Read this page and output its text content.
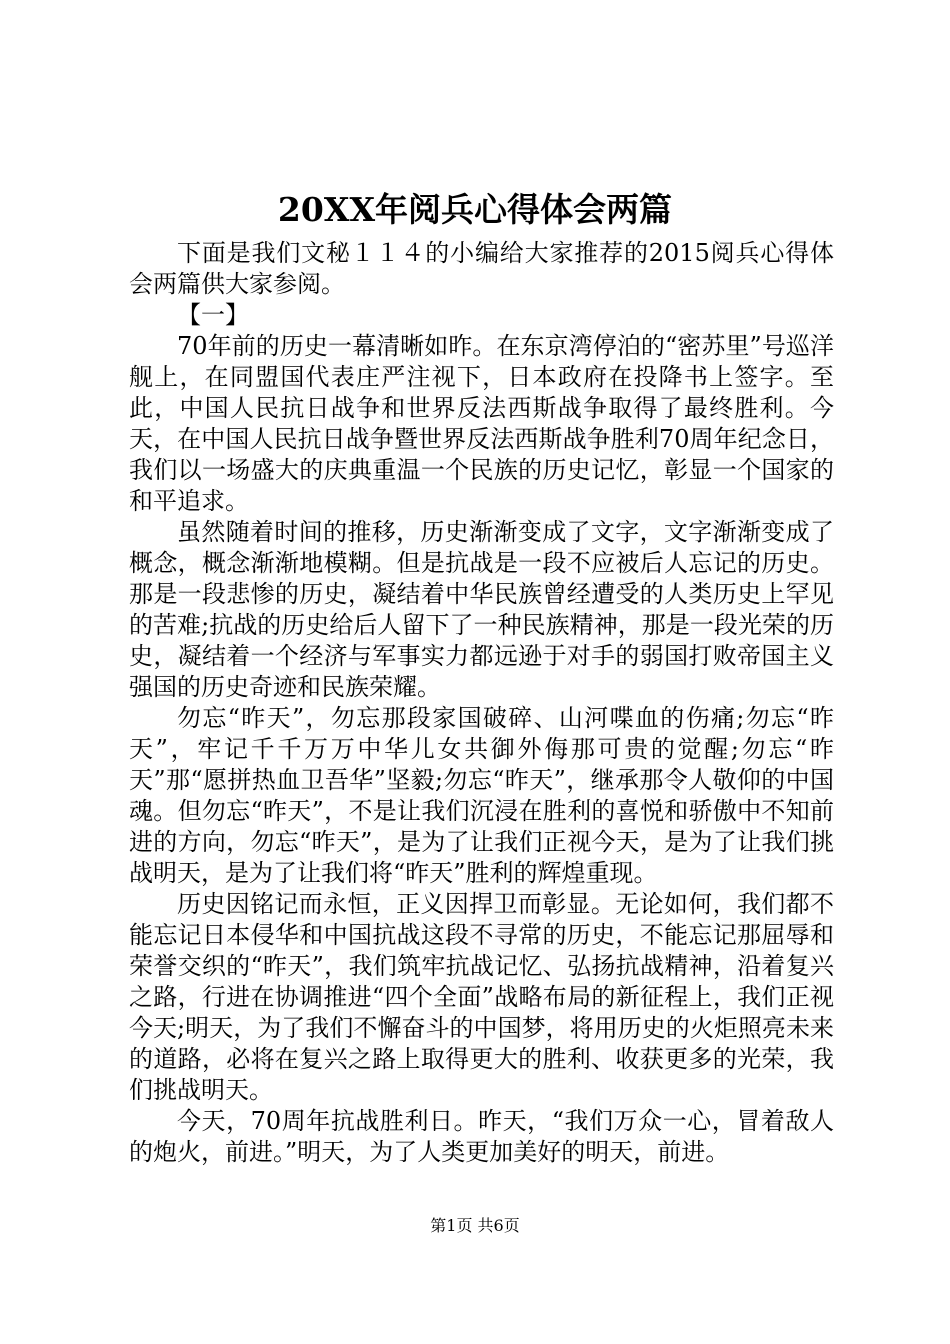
20XX年阅兵心得体会两篇

下面是我们文秘１１４的小编给大家推荐的2015阅兵心得体会两篇供大家参阅。

【一】

70年前的历史一幕清晰如昨。在东京湾停泊的“密苏里”号巡洋舰上，在同盟国代表庄严注视下，日本政府在投降书上签字。至此，中国人民抗日战争和世界反法西斯战争取得了最终胜利。今天，在中国人民抗日战争暨世界反法西斯战争胜利70周年纪念日，我们以一场盛大的庆典重温一个民族的历史记忆，彰显一个国家的和平追求。

虽然随着时间的推移，历史渐渐变成了文字，文字渐渐变成了概念，概念渐渐地模糊。但是抗战是一段不应被后人忘记的历史。那是一段悲惨的历史，凝结着中华民族曾经遭受的人类历史上罕见的苦难;抗战的历史给后人留下了一种民族精神，那是一段光荣的历史，凝结着一个经济与军事实力都远逊于对手的弱国打败帝国主义强国的历史奇迹和民族荣耀。

勿忘“昨天”，勿忘那段家国破碎、山河喋血的伤痛;勿忘“昨天”，牢记千千万万中华儿女共御外侮那可贵的觉醒;勿忘“昨天”那“愿拼热血卫吾华”坚毅;勿忘“昨天”，继承那令人敬仰的中国魂。但勿忘“昨天”，不是让我们沉浸在胜利的喜悦和骄傲中不知前进的方向，勿忘“昨天”，是为了让我们正视今天，是为了让我们挑战明天，是为了让我们将“昨天”胜利的辉煌重现。

历史因铭记而永恒，正义因捍卫而彰显。无论如何，我们都不能忘记日本侵华和中国抗战这段不寻常的历史，不能忘记那屈辱和荣誉交织的“昨天”，我们筑牢抗战记忆、弘扬抗战精神，沿着复兴之路，行进在协调推进“四个全面”战略布局的新征程上，我们正视今天;明天，为了我们不懈奋斗的中国梦，将用历史的火炬照亮未来的道路，必将在复兴之路上取得更大的胜利、收获更多的光荣，我们挑战明天。

今天，70周年抗战胜利日。昨天，“我们万众一心，冒着敌人的炮火，前进。”明天，为了人类更加美好的明天，前进。

第1页 共6页
